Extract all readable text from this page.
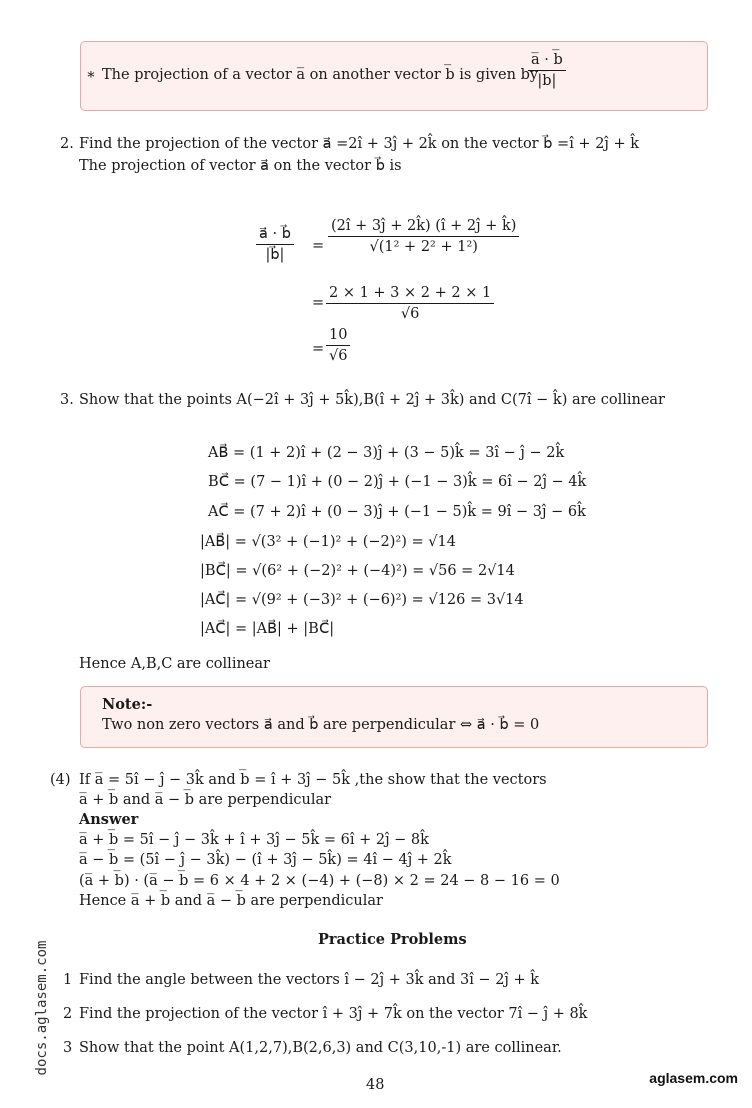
∗ The projection of a vector a̅ on another vector b̅ is given by
$\frac{a̅ \cdot b̅}{|b̅|}$
2. Find the projection of the vector a⃗ =2î + 3ĵ + 2k̂ on the vector b⃗ =î + 2ĵ + k̂
The projection of vector a⃗ on the vector b⃗ is
$\frac{a⃗ \cdot b⃗}{|b⃗|} = \frac{(2î + 3ĵ + 2k̂) (î + 2ĵ + k̂)}{\text{√(1² + 2² + 1²)}}$
= $\frac{2 \times 1 + 3 \times 2 + 2 \times 1}{√6}$
= $\frac{10}{√6}$
3. Show that the points A(−2î + 3ĵ + 5k̂),B(î + 2ĵ + 3k̂) and C(7î − k̂) are collinear
AB⃗ = (1 + 2)î + (2 − 3)ĵ + (3 − 5)k̂ = 3î − ĵ − 2k̂
BC⃗ = (7 − 1)î + (0 − 2)ĵ + (−1 − 3)k̂ = 6î − 2ĵ − 4k̂
AC⃗ = (7 + 2)î + (0 − 3)ĵ + (−1 − 5)k̂ = 9î − 3ĵ − 6k̂
|AB⃗| = √(3² + (−1)² + (−2)²) = √14
|BC⃗| = √(6² + (−2)² + (−4)²) = √56 = 2√14
|AC⃗| = √(9² + (−3)² + (−6)²) = √126 = 3√14
|AC⃗| = |AB⃗| + |BC⃗|
Hence A,B,C are collinear
Note:-
Two non zero vectors a⃗ and b⃗ are perpendicular ⇔ a⃗ · b⃗ = 0
(4) If a̅ = 5î − ĵ − 3k̂ and b̅ = î + 3ĵ − 5k̂ ,the show that the vectors
a̅ + b̅ and a̅ − b̅ are perpendicular
Answer
a̅ + b̅ = 5î − ĵ − 3k̂ + î + 3ĵ − 5k̂ = 6î + 2ĵ − 8k̂
a̅ − b̅ = (5î − ĵ − 3k̂) − (î + 3ĵ − 5k̂) = 4î − 4ĵ + 2k̂
(a̅ + b̅) · (a̅ − b̅ = 6 × 4 + 2 × (−4) + (−8) × 2 = 24 − 8 − 16 = 0
Hence a̅ + b̅ and a̅ − b̅ are perpendicular
Practice Problems
1 Find the angle between the vectors î − 2ĵ + 3k̂ and 3î − 2ĵ + k̂
2 Find the projection of the vector î + 3ĵ + 7k̂ on the vector 7î − ĵ + 8k̂
3 Show that the point A(1,2,7),B(2,6,3) and C(3,10,-1) are collinear.
48
docs.aglasem.com
aglasem.com
